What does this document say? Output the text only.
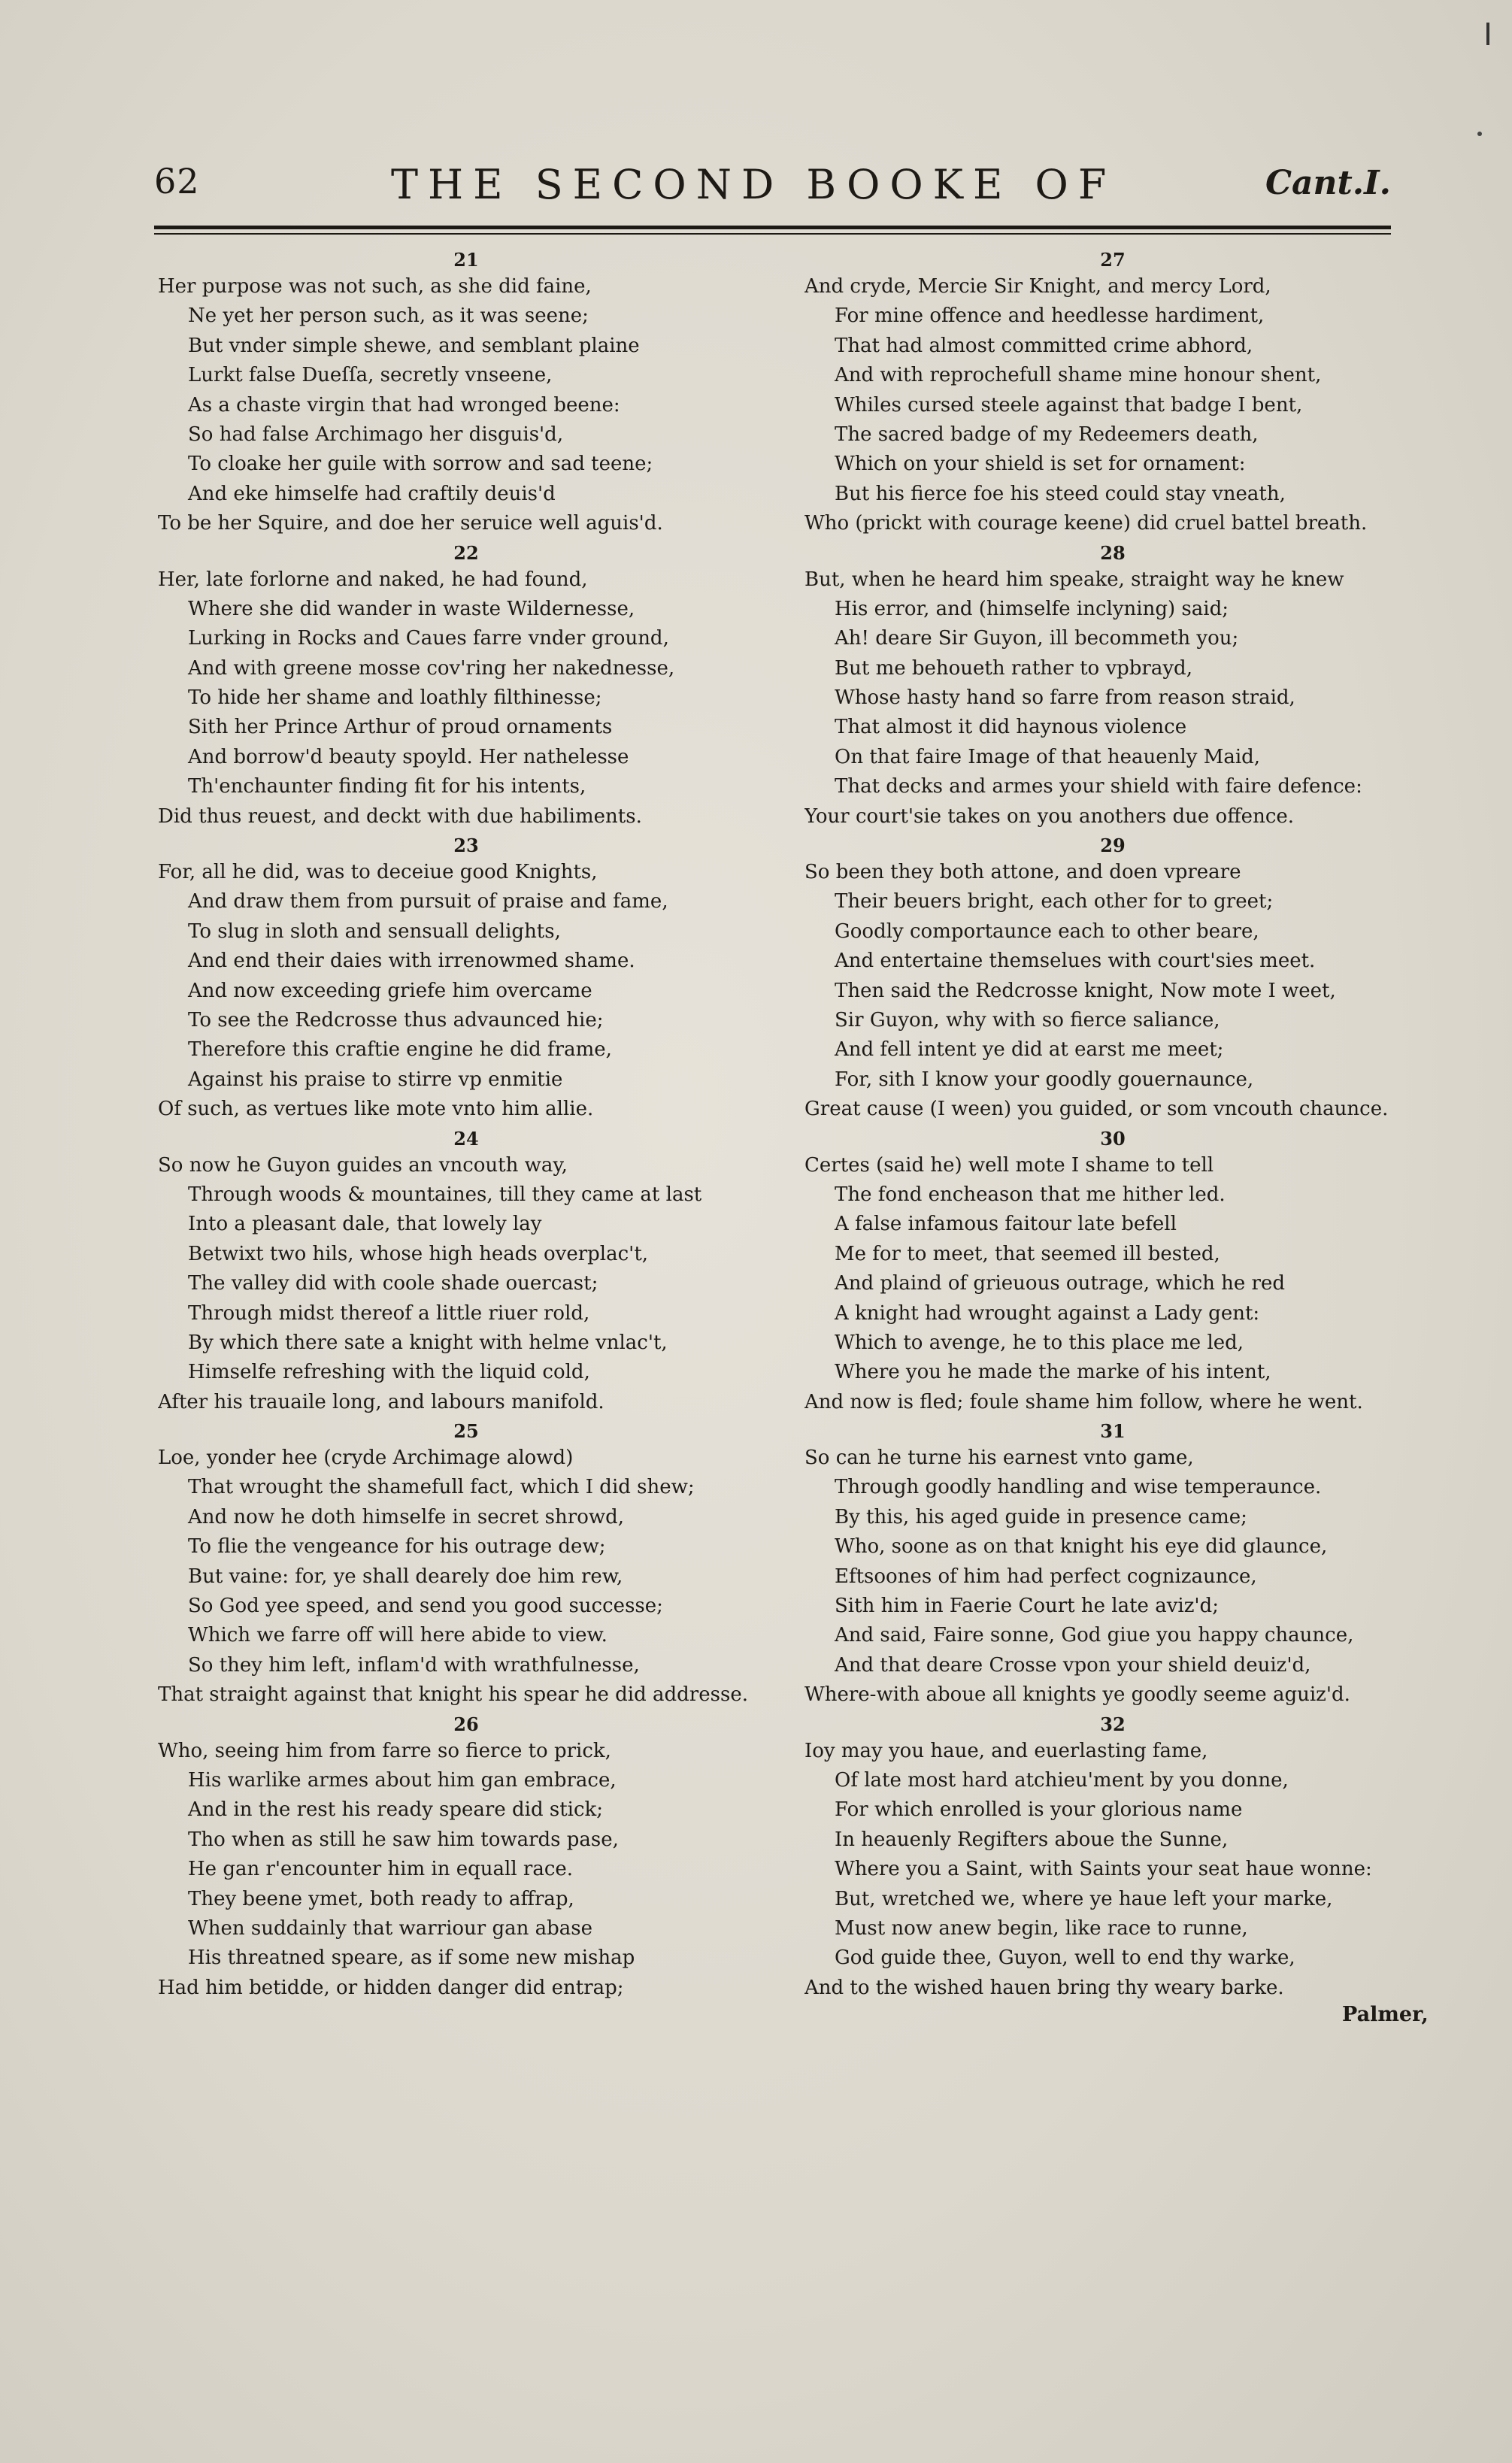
62	THE SECOND BOOKE OF	Cant.I.
21
Her purpose was not such, as she did faine,
Ne yet her person such, as it was seene;
But vnder simple shewe, and semblant plaine
Lurkt false Dueſſa, secretly vnseene,
As a chaste virgin that had wronged beene:
So had false Archimago her disguis'd,
To cloake her guile with sorrow and sad teene;
And eke himselfe had craftily deuis'd
To be her Squire, and doe her seruice well aguis'd.
22
Her, late forlorne and naked, he had found,
Where she did wander in waste Wildernesse,
Lurking in Rocks and Caues farre vnder ground,
And with greene mosse cov'ring her nakednesse,
To hide her shame and loathly filthinesse;
Sith her Prince Arthur of proud ornaments
And borrow'd beauty spoyld. Her nathelesse
Th'enchaunter finding fit for his intents,
Did thus reuest, and deckt with due habiliments.
23
For, all he did, was to deceiue good Knights,
And draw them from pursuit of praise and fame,
To slug in sloth and sensuall delights,
And end their daies with irrenowmed shame.
And now exceeding griefe him overcame
To see the Redcrosse thus advaunced hie;
Therefore this craftie engine he did frame,
Against his praise to stirre vp enmitie
Of such, as vertues like mote vnto him allie.
24
So now he Guyon guides an vncouth way,
Through woods & mountaines, till they came at last
Into a pleasant dale, that lowely lay
Betwixt two hils, whose high heads overplac't,
The valley did with coole shade ouercast;
Through midst thereof a little riuer rold,
By which there sate a knight with helme vnlac't,
Himselfe refreshing with the liquid cold,
After his trauaile long, and labours manifold.
25
Loe, yonder hee (cryde Archimage alowd)
That wrought the shamefull fact, which I did shew;
And now he doth himselfe in secret shrowd,
To flie the vengeance for his outrage dew;
But vaine: for, ye shall dearely doe him rew,
So God yee speed, and send you good successe;
Which we farre off will here abide to view.
So they him left, inflam'd with wrathfulnesse,
That straight against that knight his spear he did addresse.
26
Who, seeing him from farre so fierce to prick,
His warlike armes about him gan embrace,
And in the rest his ready speare did stick;
Tho when as still he saw him towards pase,
He gan r'encounter him in equall race.
They beene ymet, both ready to affrap,
When suddainly that warriour gan abase
His threatned speare, as if some new mishap
Had him betidde, or hidden danger did entrap;
27
And cryde, Mercie Sir Knight, and mercy Lord,
For mine offence and heedlesse hardiment,
That had almost committed crime abhord,
And with reprochefull shame mine honour shent,
Whiles cursed steele against that badge I bent,
The sacred badge of my Redeemers death,
Which on your shield is set for ornament:
But his fierce foe his steed could stay vneath,
Who (prickt with courage keene) did cruel battel breath.
28
But, when he heard him speake, straight way he knew
His error, and (himselfe inclyning) said;
Ah! deare Sir Guyon, ill becommeth you;
But me behoueth rather to vpbrayd,
Whose hasty hand so farre from reason straid,
That almost it did haynous violence
On that faire Image of that heauenly Maid,
That decks and armes your shield with faire defence:
Your court'sie takes on you anothers due offence.
29
So been they both attone, and doen vpreare
Their beuers bright, each other for to greet;
Goodly comportaunce each to other beare,
And entertaine themselues with court'sies meet.
Then said the Redcrosse knight, Now mote I weet,
Sir Guyon, why with so fierce saliance,
And fell intent ye did at earst me meet;
For, sith I know your goodly gouernaunce,
Great cause (I ween) you guided, or som vncouth chaunce.
30
Certes (said he) well mote I shame to tell
The fond encheason that me hither led.
A false infamous faitour late befell
Me for to meet, that seemed ill bested,
And plaind of grieuous outrage, which he red
A knight had wrought against a Lady gent:
Which to avenge, he to this place me led,
Where you he made the marke of his intent,
And now is fled; foule shame him follow, where he went.
31
So can he turne his earnest vnto game,
Through goodly handling and wise temperaunce.
By this, his aged guide in presence came;
Who, soone as on that knight his eye did glaunce,
Eftsoones of him had perfect cognizaunce,
Sith him in Faerie Court he late aviz'd;
And said, Faire sonne, God giue you happy chaunce,
And that deare Crosse vpon your shield deuiz'd,
Where-with aboue all knights ye goodly seeme aguiz'd.
32
Ioy may you haue, and euerlasting fame,
Of late most hard atchieu'ment by you donne,
For which enrolled is your glorious name
In heauenly Regifters aboue the Sunne,
Where you a Saint, with Saints your seat haue wonne:
But, wretched we, where ye haue left your marke,
Must now anew begin, like race to runne,
God guide thee, Guyon, well to end thy warke,
And to the wished hauen bring thy weary barke.
Palmer,
